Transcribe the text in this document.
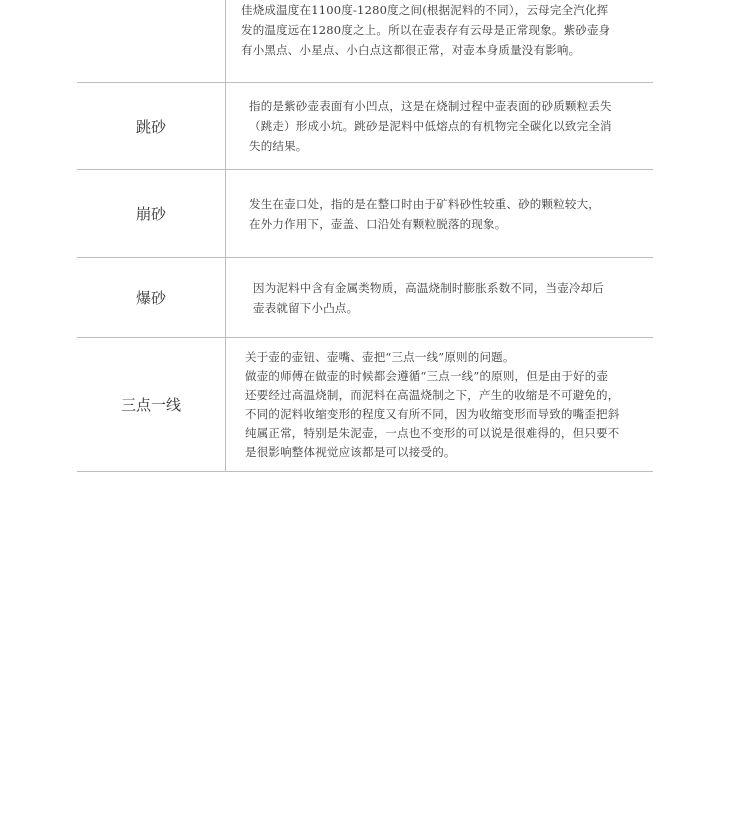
佳烧成温度在1100度-1280度之间(根据泥料的不同），云母完全汽化挥

发的温度远在1280度之上。所以在壶表存有云母是正常现象。紫砂壶身

有小黑点、小星点、小白点这都很正常，对壶本身质量没有影响。

跳砂

指的是紫砂壶表面有小凹点，这是在烧制过程中壶表面的砂质颗粒丢失

（跳走）形成小坑。跳砂是泥料中低熔点的有机物完全碳化以致完全消

失的结果。

崩砂

发生在壶口处，指的是在整口时由于矿料砂性较重、砂的颗粒较大，

在外力作用下，壶盖、口沿处有颗粒脱落的现象。

爆砂

因为泥料中含有金属类物质，高温烧制时膨胀系数不同，当壶冷却后

壶表就留下小凸点。

三点一线

关于壶的壶钮、壶嘴、壶把“三点一线”原则的问题。

做壶的师傅在做壶的时候都会遵循“三点一线”的原则，但是由于好的壶

还要经过高温烧制，而泥料在高温烧制之下，产生的收缩是不可避免的，

不同的泥料收缩变形的程度又有所不同，因为收缩变形而导致的嘴歪把斜

纯属正常，特别是朱泥壶，一点也不变形的可以说是很难得的，但只要不

是很影响整体视觉应该都是可以接受的。
